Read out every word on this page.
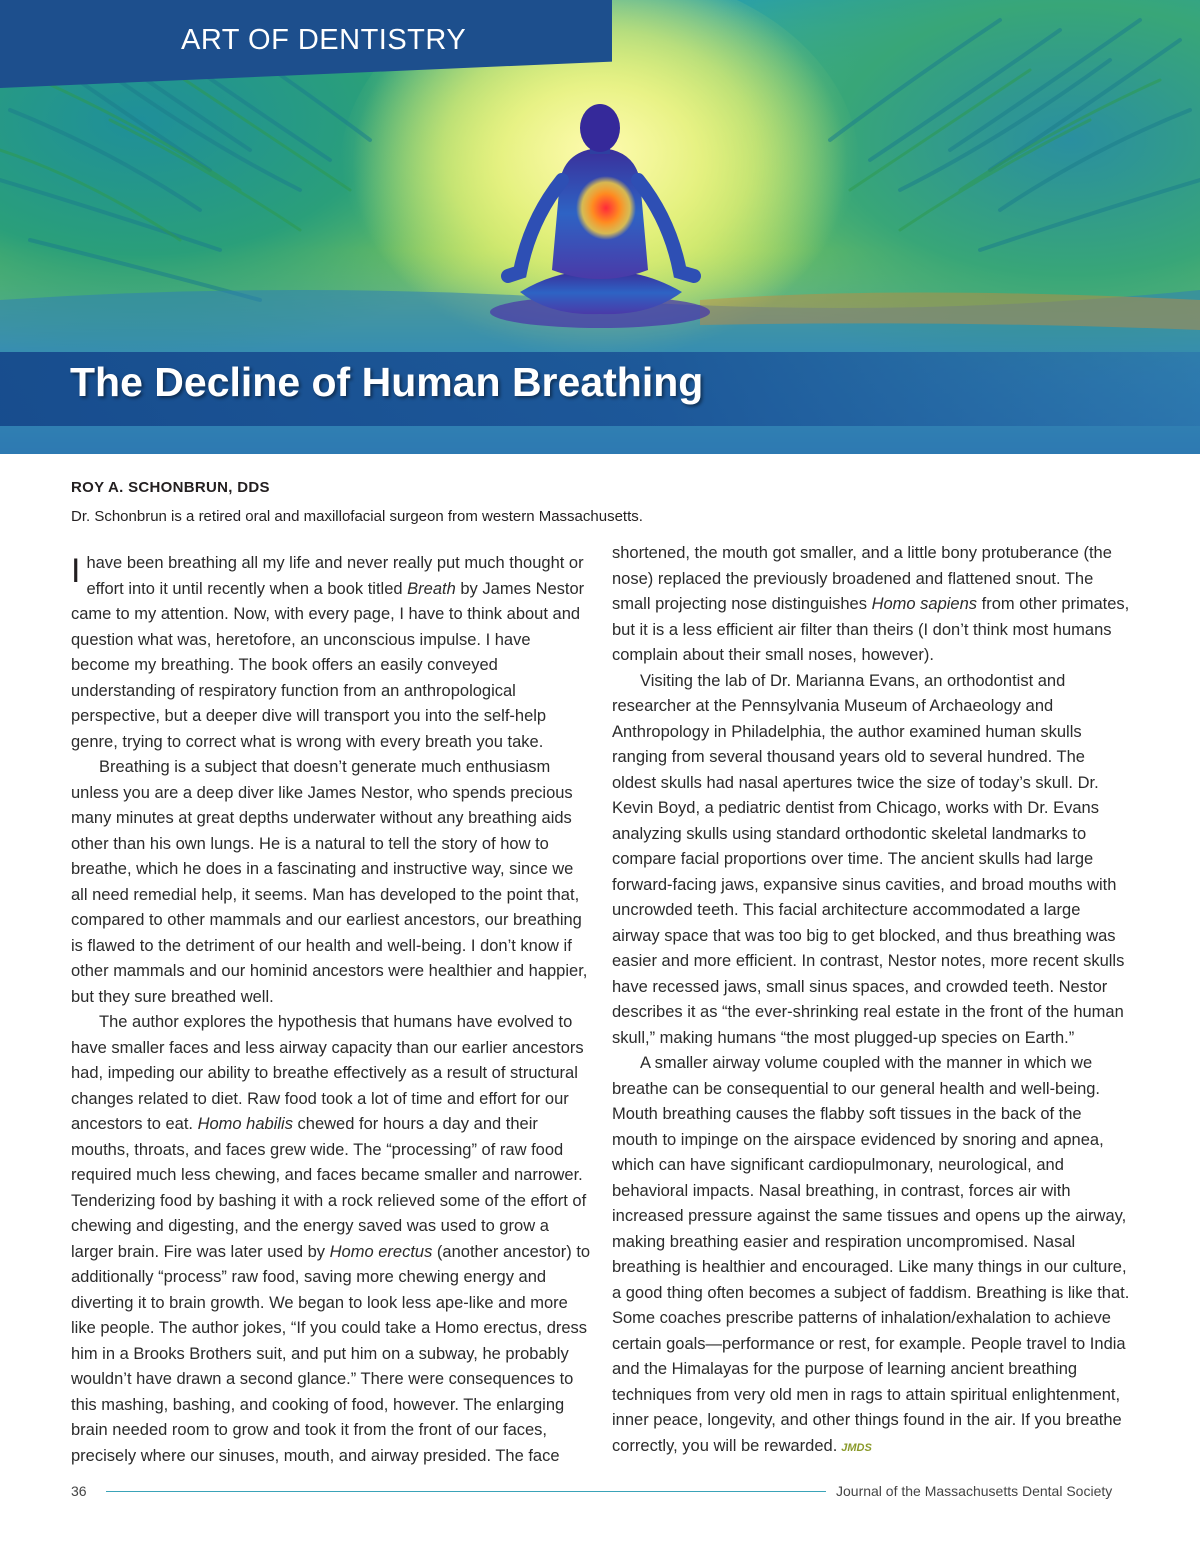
ART OF DENTISTRY
The Decline of Human Breathing
ROY A. SCHONBRUN, DDS
Dr. Schonbrun is a retired oral and maxillofacial surgeon from western Massachusetts.

I have been breathing all my life and never really put much thought or effort into it until recently when a book titled Breath by James Nestor came to my attention. Now, with every page, I have to think about and question what was, heretofore, an unconscious impulse. I have become my breathing. The book offers an easily conveyed understanding of respiratory function from an anthropological perspective, but a deeper dive will transport you into the self-help genre, trying to correct what is wrong with every breath you take.

Breathing is a subject that doesn’t generate much enthusiasm unless you are a deep diver like James Nestor, who spends precious many minutes at great depths underwater without any breathing aids other than his own lungs. He is a natural to tell the story of how to breathe, which he does in a fascinating and instructive way, since we all need remedial help, it seems. Man has developed to the point that, compared to other mammals and our earliest ancestors, our breathing is flawed to the detriment of our health and well-being. I don’t know if other mammals and our hominid ancestors were healthier and happier, but they sure breathed well.

The author explores the hypothesis that humans have evolved to have smaller faces and less airway capacity than our earlier ancestors had, impeding our ability to breathe effectively as a result of structural changes related to diet. Raw food took a lot of time and effort for our ancestors to eat. Homo habilis chewed for hours a day and their mouths, throats, and faces grew wide. The “processing” of raw food required much less chewing, and faces became smaller and narrower. Tenderizing food by bashing it with a rock relieved some of the effort of chewing and digesting, and the energy saved was used to grow a larger brain. Fire was later used by Homo erectus (another ancestor) to additionally “process” raw food, saving more chewing energy and diverting it to brain growth. We began to look less ape-like and more like people. The author jokes, “If you could take a Homo erectus, dress him in a Brooks Brothers suit, and put him on a subway, he probably wouldn’t have drawn a second glance.” There were consequences to this mashing, bashing, and cooking of food, however. The enlarging brain needed room to grow and took it from the front of our faces, precisely where our sinuses, mouth, and airway presided. The face

shortened, the mouth got smaller, and a little bony protuberance (the nose) replaced the previously broadened and flattened snout. The small projecting nose distinguishes Homo sapiens from other primates, but it is a less efficient air filter than theirs (I don’t think most humans complain about their small noses, however).

Visiting the lab of Dr. Marianna Evans, an orthodontist and researcher at the Pennsylvania Museum of Archaeology and Anthropology in Philadelphia, the author examined human skulls ranging from several thousand years old to several hundred. The oldest skulls had nasal apertures twice the size of today’s skull. Dr. Kevin Boyd, a pediatric dentist from Chicago, works with Dr. Evans analyzing skulls using standard orthodontic skeletal landmarks to compare facial proportions over time. The ancient skulls had large forward-facing jaws, expansive sinus cavities, and broad mouths with uncrowded teeth. This facial architecture accommodated a large airway space that was too big to get blocked, and thus breathing was easier and more efficient. In contrast, Nestor notes, more recent skulls have recessed jaws, small sinus spaces, and crowded teeth. Nestor describes it as “the ever-shrinking real estate in the front of the human skull,” making humans “the most plugged-up species on Earth.”

A smaller airway volume coupled with the manner in which we breathe can be consequential to our general health and well-being. Mouth breathing causes the flabby soft tissues in the back of the mouth to impinge on the airspace evidenced by snoring and apnea, which can have significant cardiopulmonary, neurological, and behavioral impacts. Nasal breathing, in contrast, forces air with increased pressure against the same tissues and opens up the airway, making breathing easier and respiration uncompromised. Nasal breathing is healthier and encouraged. Like many things in our culture, a good thing often becomes a subject of faddism. Breathing is like that. Some coaches prescribe patterns of inhalation/exhalation to achieve certain goals—performance or rest, for example. People travel to India and the Himalayas for the purpose of learning ancient breathing techniques from very old men in rags to attain spiritual enlightenment, inner peace, longevity, and other things found in the air. If you breathe correctly, you will be rewarded. JMDS

36	Journal of the Massachusetts Dental Society
